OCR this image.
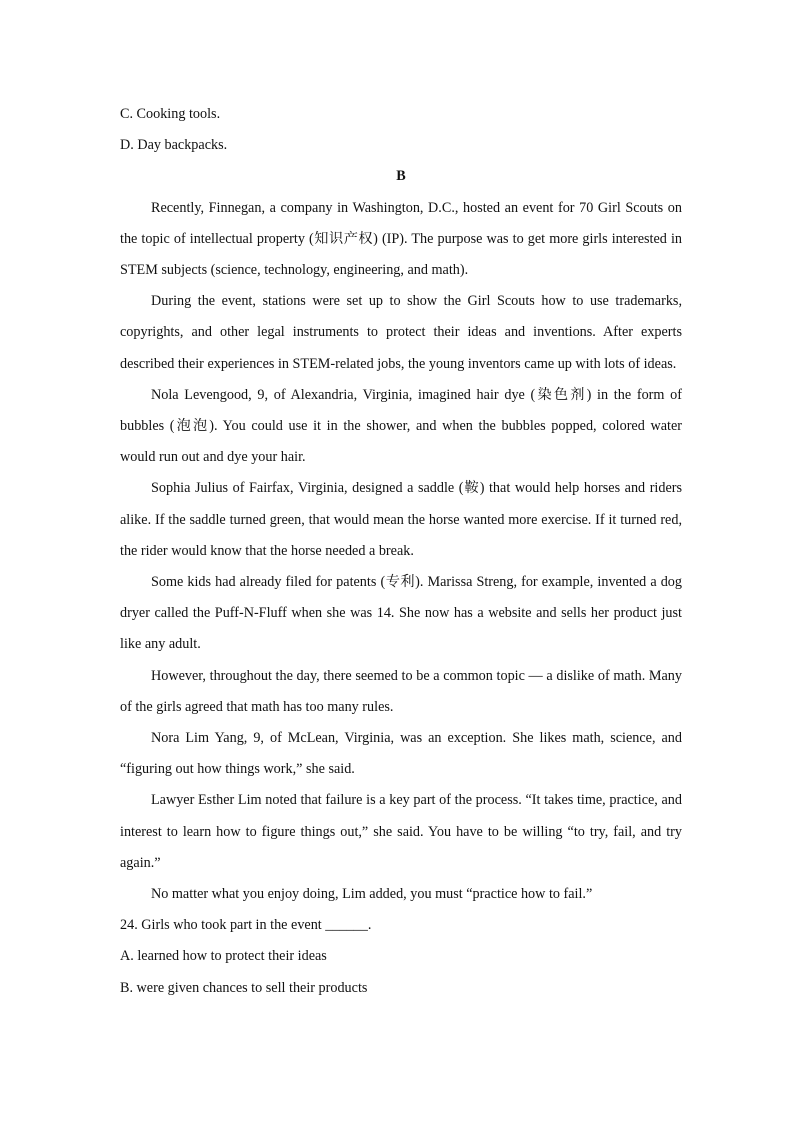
C. Cooking tools.
D. Day backpacks.
B

Recently, Finnegan, a company in Washington, D.C., hosted an event for 70 Girl Scouts on the topic of intellectual property (知识产权) (IP). The purpose was to get more girls interested in STEM subjects (science, technology, engineering, and math).

During the event, stations were set up to show the Girl Scouts how to use trademarks, copyrights, and other legal instruments to protect their ideas and inventions. After experts described their experiences in STEM-related jobs, the young inventors came up with lots of ideas.

Nola Levengood, 9, of Alexandria, Virginia, imagined hair dye (染色剂) in the form of bubbles (泡泡). You could use it in the shower, and when the bubbles popped, colored water would run out and dye your hair.

Sophia Julius of Fairfax, Virginia, designed a saddle (鞍) that would help horses and riders alike. If the saddle turned green, that would mean the horse wanted more exercise. If it turned red, the rider would know that the horse needed a break.

Some kids had already filed for patents (专利). Marissa Streng, for example, invented a dog dryer called the Puff-N-Fluff when she was 14. She now has a website and sells her product just like any adult.

However, throughout the day, there seemed to be a common topic — a dislike of math. Many of the girls agreed that math has too many rules.

Nora Lim Yang, 9, of McLean, Virginia, was an exception. She likes math, science, and “figuring out how things work,” she said.

Lawyer Esther Lim noted that failure is a key part of the process. “It takes time, practice, and interest to learn how to figure things out,” she said. You have to be willing “to try, fail, and try again.”

No matter what you enjoy doing, Lim added, you must “practice how to fail.”

24. Girls who took part in the event ______.
A. learned how to protect their ideas
B. were given chances to sell their products
